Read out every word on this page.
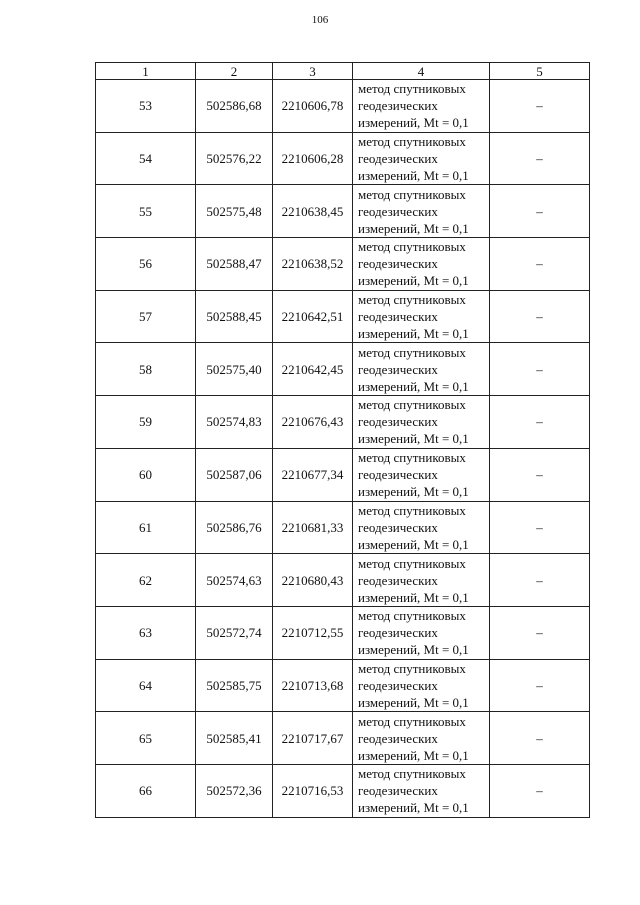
106
1	2	3	4	5
53	502586,68	2210606,78	метод спутниковых
геодезических
измерений, Mt = 0,1	–
54	502576,22	2210606,28	метод спутниковых
геодезических
измерений, Mt = 0,1	–
55	502575,48	2210638,45	метод спутниковых
геодезических
измерений, Mt = 0,1	–
56	502588,47	2210638,52	метод спутниковых
геодезических
измерений, Mt = 0,1	–
57	502588,45	2210642,51	метод спутниковых
геодезических
измерений, Mt = 0,1	–
58	502575,40	2210642,45	метод спутниковых
геодезических
измерений, Mt = 0,1	–
59	502574,83	2210676,43	метод спутниковых
геодезических
измерений, Mt = 0,1	–
60	502587,06	2210677,34	метод спутниковых
геодезических
измерений, Mt = 0,1	–
61	502586,76	2210681,33	метод спутниковых
геодезических
измерений, Mt = 0,1	–
62	502574,63	2210680,43	метод спутниковых
геодезических
измерений, Mt = 0,1	–
63	502572,74	2210712,55	метод спутниковых
геодезических
измерений, Mt = 0,1	–
64	502585,75	2210713,68	метод спутниковых
геодезических
измерений, Mt = 0,1	–
65	502585,41	2210717,67	метод спутниковых
геодезических
измерений, Mt = 0,1	–
66	502572,36	2210716,53	метод спутниковых
геодезических
измерений, Mt = 0,1	–
